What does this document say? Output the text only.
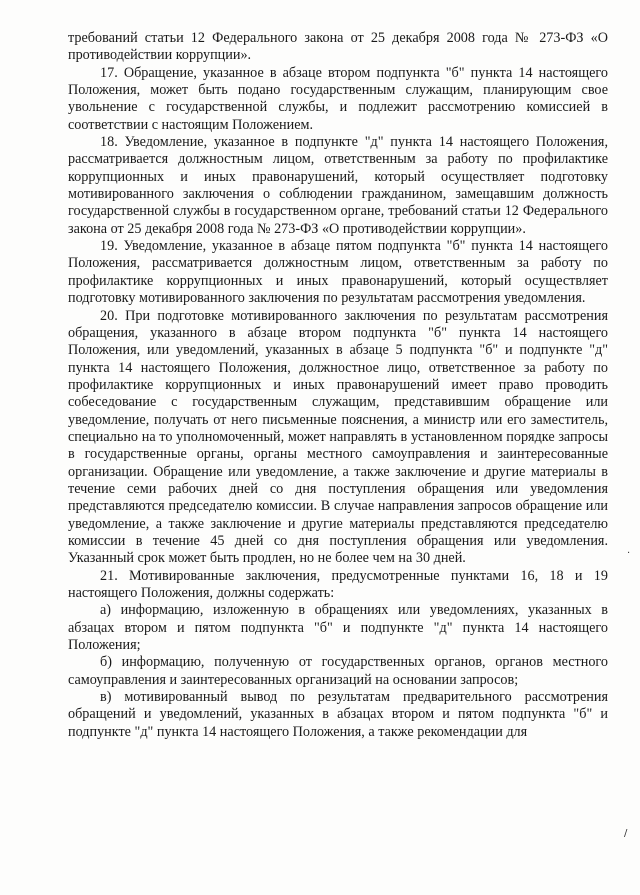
требований статьи 12 Федерального закона от 25 декабря 2008 года № 273-ФЗ «О противодействии коррупции».

17. Обращение, указанное в абзаце втором подпункта "б" пункта 14 настоящего Положения, может быть подано государственным служащим, планирующим свое увольнение с государственной службы, и подлежит рассмотрению комиссией в соответствии с настоящим Положением.

18. Уведомление, указанное в подпункте "д" пункта 14 настоящего Положения, рассматривается должностным лицом, ответственным за работу по профилактике коррупционных и иных правонарушений, который осуществляет подготовку мотивированного заключения о соблюдении гражданином, замещавшим должность государственной службы в государственном органе, требований статьи 12 Федерального закона от 25 декабря 2008 года № 273-ФЗ «О противодействии коррупции».

19. Уведомление, указанное в абзаце пятом подпункта "б" пункта 14 настоящего Положения, рассматривается должностным лицом, ответственным за работу по профилактике коррупционных и иных правонарушений, который осуществляет подготовку мотивированного заключения по результатам рассмотрения уведомления.

20. При подготовке мотивированного заключения по результатам рассмотрения обращения, указанного в абзаце втором подпункта "б" пункта 14 настоящего Положения, или уведомлений, указанных в абзаце 5 подпункта "б" и подпункте "д" пункта 14 настоящего Положения, должностное лицо, ответственное за работу по профилактике коррупционных и иных правонарушений имеет право проводить собеседование с государственным служащим, представившим обращение или уведомление, получать от него письменные пояснения, а министр или его заместитель, специально на то уполномоченный, может направлять в установленном порядке запросы в государственные органы, органы местного самоуправления и заинтересованные организации. Обращение или уведомление, а также заключение и другие материалы в течение семи рабочих дней со дня поступления обращения или уведомления представляются председателю комиссии. В случае направления запросов обращение или уведомление, а также заключение и другие материалы представляются председателю комиссии в течение 45 дней со дня поступления обращения или уведомления. Указанный срок может быть продлен, но не более чем на 30 дней.

21. Мотивированные заключения, предусмотренные пунктами 16, 18 и 19 настоящего Положения, должны содержать:

а) информацию, изложенную в обращениях или уведомлениях, указанных в абзацах втором и пятом подпункта "б" и подпункте "д" пункта 14 настоящего Положения;

б) информацию, полученную от государственных органов, органов местного самоуправления и заинтересованных организаций на основании запросов;

в) мотивированный вывод по результатам предварительного рассмотрения обращений и уведомлений, указанных в абзацах втором и пятом подпункта "б" и подпункте "д" пункта 14 настоящего Положения, а также рекомендации для

·
/
